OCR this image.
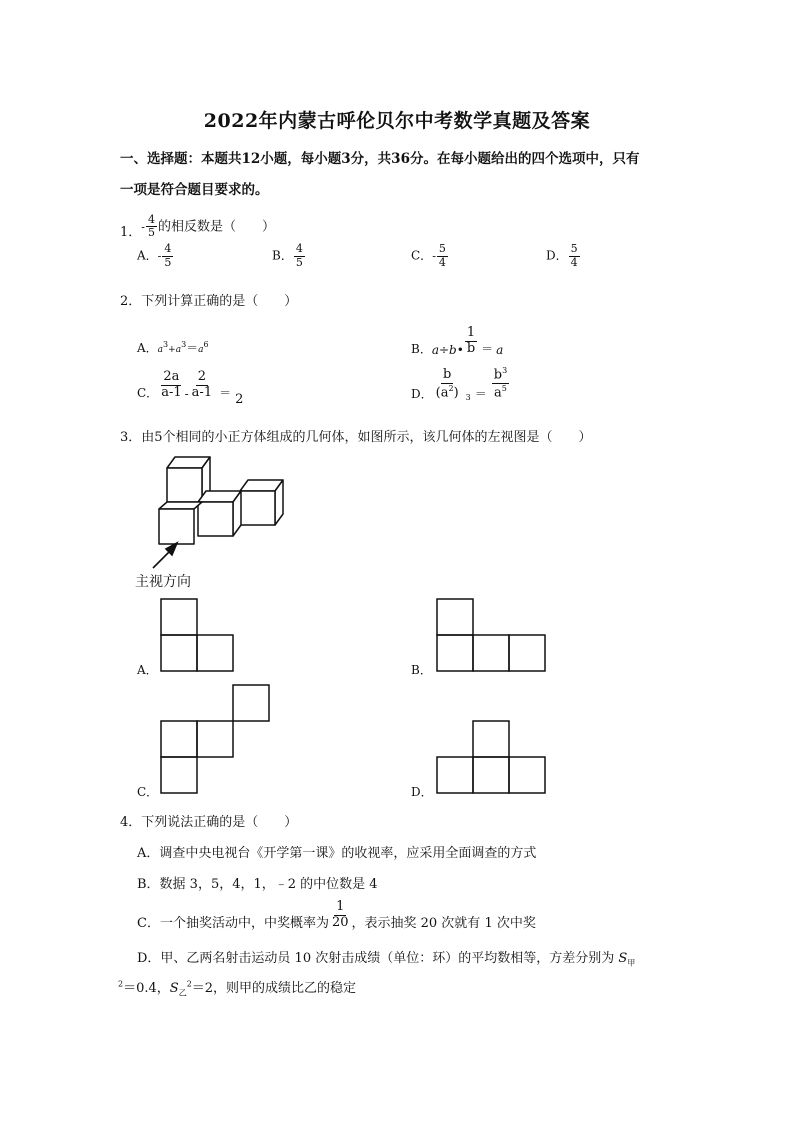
2022年内蒙古呼伦贝尔中考数学真题及答案
一、选择题：本题共12小题，每小题3分，共36分。在每小题给出的四个选项中，只有
一项是符合题目要求的。
1．- $\frac{4}{5}$ 的相反数是（　　）
A．- $\frac{4}{5}$	B． $\frac{4}{5}$	C．- $\frac{5}{4}$	D． $\frac{5}{4}$
2．下列计算正确的是（　　）
A．$a^3+a^3=a^6$	B．a÷b• $\frac{1}{b} = a$
C． $\frac{2a}{a-1} - \frac{2}{a-1} = 2$	D． $\frac{b}{(a^2)} 3 = \frac{b^3}{a^5}$
3．由5个相同的小正方体组成的几何体，如图所示，该几何体的左视图是（　　）
主视方向
A．	B．
C．	D．
4．下列说法正确的是（　　）
A．调查中央电视台《开学第一课》的收视率，应采用全面调查的方式
B．数据 3，5，4，1，﹣2 的中位数是 4
C．一个抽奖活动中，中奖概率为 $\frac{1}{20}$ ，表示抽奖 20 次就有 1 次中奖
D．甲、乙两名射击运动员 10 次射击成绩（单位：环）的平均数相等，方差分别为 $S_甲$
$^2$＝0.4，$S_乙^2=2$，则甲的成绩比乙的稳定
